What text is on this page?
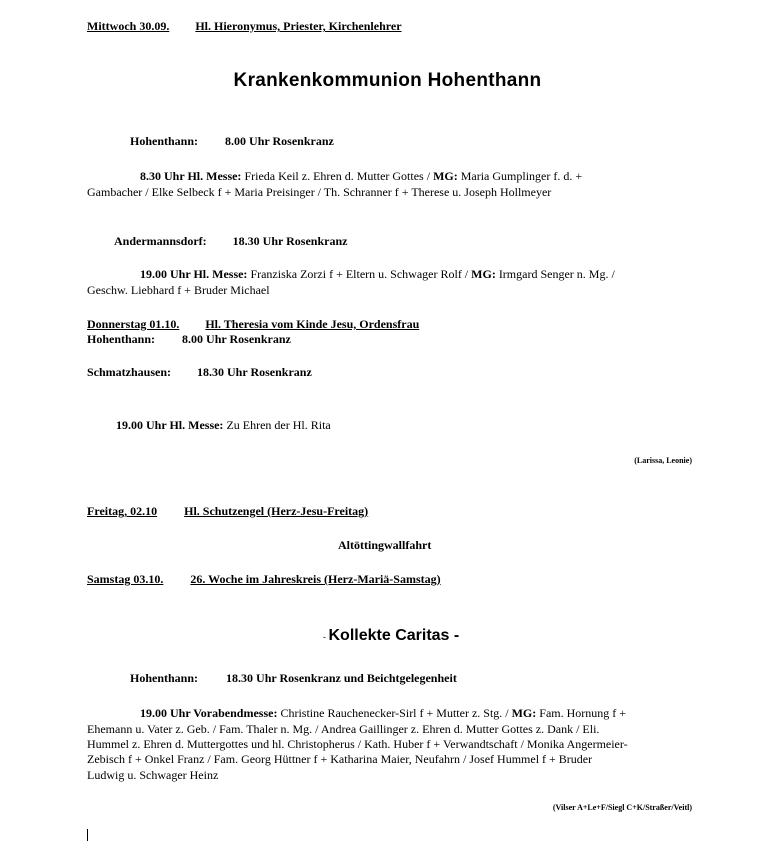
Mittwoch 30.09. Hl. Hieronymus, Priester, Kirchenlehrer
Krankenkommunion Hohenthann
Hohenthann: 8.00 Uhr Rosenkranz
8.30 Uhr Hl. Messe: Frieda Keil z. Ehren d. Mutter Gottes / MG: Maria Gumplinger f. d. +
Gambacher / Elke Selbeck f + Maria Preisinger / Th. Schranner f + Therese u. Joseph Hollmeyer
Andermannsdorf: 18.30 Uhr Rosenkranz
19.00 Uhr Hl. Messe: Franziska Zorzi f + Eltern u. Schwager Rolf / MG: Irmgard Senger n. Mg. /
Geschw. Liebhard f + Bruder Michael
Donnerstag 01.10. Hl. Theresia vom Kinde Jesu, Ordensfrau
Hohenthann: 8.00 Uhr Rosenkranz
Schmatzhausen: 18.30 Uhr Rosenkranz
19.00 Uhr Hl. Messe: Zu Ehren der Hl. Rita
(Larissa, Leonie)
Freitag, 02.10 Hl. Schutzengel (Herz-Jesu-Freitag)
Altöttingwallfahrt
Samstag 03.10. 26. Woche im Jahreskreis (Herz-Mariä-Samstag)
- Kollekte Caritas -
Hohenthann: 18.30 Uhr Rosenkranz und Beichtgelegenheit
19.00 Uhr Vorabendmesse: Christine Rauchenecker-Sirl f + Mutter z. Stg. / MG: Fam. Hornung f +
Ehemann u. Vater z. Geb. / Fam. Thaler n. Mg. / Andrea Gaillinger z. Ehren d. Mutter Gottes z. Dank / Eli.
Hummel z. Ehren d. Muttergottes und hl. Christopherus / Kath. Huber f + Verwandtschaft / Monika Angermeier-
Zebisch f + Onkel Franz / Fam. Georg Hüttner f + Katharina Maier, Neufahrn / Josef Hummel f + Bruder
Ludwig u. Schwager Heinz
(Vilser A+Le+F/Siegl C+K/Straßer/Veitl)
